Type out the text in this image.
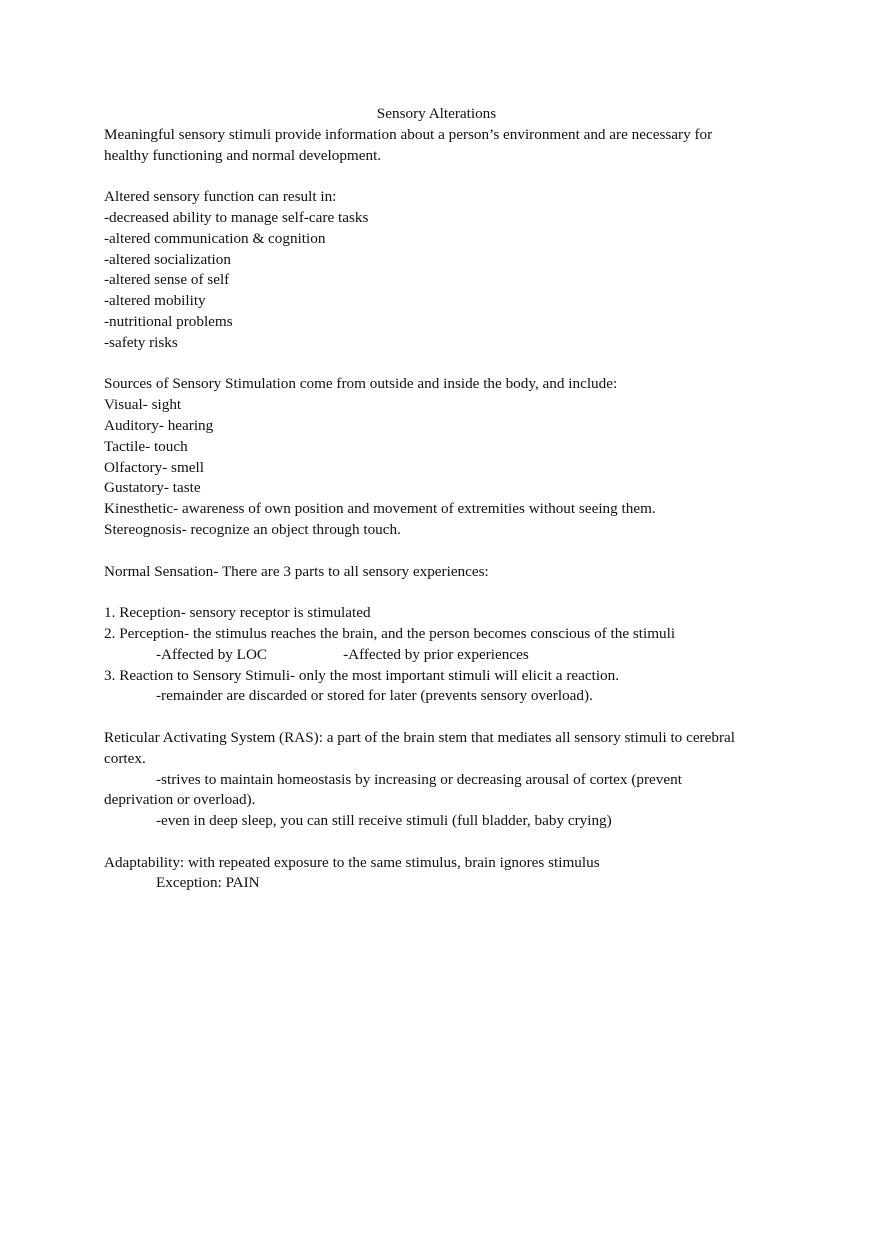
Sensory Alterations
Meaningful sensory stimuli provide information about a person’s environment and are necessary for
healthy functioning and normal development.
Altered sensory function can result in:
-decreased ability to manage self-care tasks
-altered communication & cognition
-altered socialization
-altered sense of self
-altered mobility
-nutritional problems
-safety risks
Sources of Sensory Stimulation come from outside and inside the body, and include:
Visual- sight
Auditory- hearing
Tactile- touch
Olfactory- smell
Gustatory- taste
Kinesthetic- awareness of own position and movement of extremities without seeing them.
Stereognosis- recognize an object through touch.
Normal Sensation- There are 3 parts to all sensory experiences:
1. Reception- sensory receptor is stimulated
2. Perception- the stimulus reaches the brain, and the person becomes conscious of the stimuli
-Affected by LOC	-Affected by prior experiences
3. Reaction to Sensory Stimuli- only the most important stimuli will elicit a reaction.
-remainder are discarded or stored for later (prevents sensory overload).
Reticular Activating System (RAS): a part of the brain stem that mediates all sensory stimuli to cerebral
cortex.
-strives to maintain homeostasis by increasing or decreasing arousal of cortex (prevent
deprivation or overload).
-even in deep sleep, you can still receive stimuli (full bladder, baby crying)
Adaptability: with repeated exposure to the same stimulus, brain ignores stimulus
Exception: PAIN
